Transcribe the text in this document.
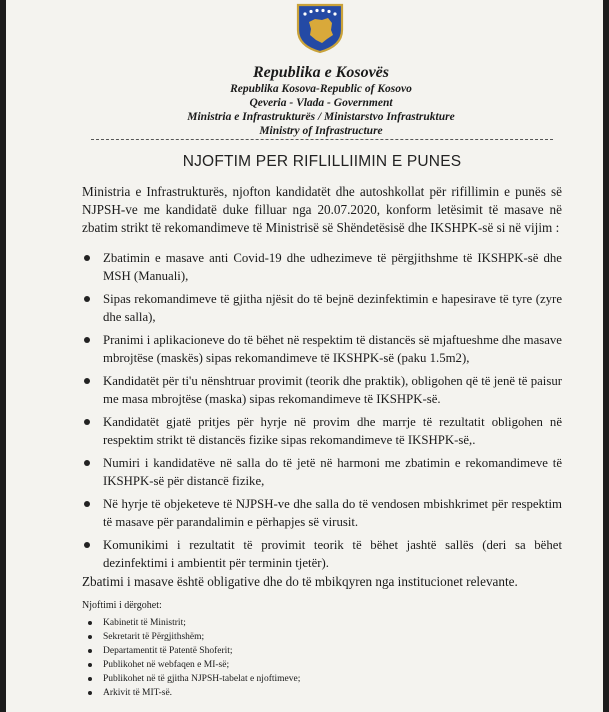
Republika e Kosovës
Republika Kosova-Republic of Kosovo
Qeveria - Vlada - Government
Ministria e Infrastrukturës / Ministarstvo Infrastrukture
Ministry of Infrastructure
NJOFTIM PER RIFLILLIIMIN E PUNES

Ministria e Infrastrukturës, njofton kandidatët dhe autoshkollat për rifillimin e punës së NJPSH-ve me kandidatë duke filluar nga 20.07.2020, konform letësimit të masave në zbatim strikt të rekomandimeve të Ministrisë së Shëndetësisë dhe IKSHPK-së si në vijim :

Zbatimin e masave anti Covid-19 dhe udhezimeve të përgjithshme të IKSHPK-së dhe MSH (Manuali),
Sipas rekomandimeve të gjitha njësit do të bejnë dezinfektimin e hapesirave të tyre (zyre dhe salla),
Pranimi i aplikacioneve do të bëhet në respektim të distancës së mjaftueshme dhe masave mbrojtëse (maskës) sipas rekomandimeve të IKSHPK-së (paku 1.5m2),
Kandidatët për ti'u nënshtruar provimit (teorik dhe praktik), obligohen që të jenë të paisur me masa mbrojtëse (maska) sipas rekomandimeve të IKSHPK-së.
Kandidatët gjatë pritjes për hyrje në provim dhe marrje të rezultatit obligohen në respektim strikt të distancës fizike sipas rekomandimeve të IKSHPK-së,.
Numiri i kandidatëve në salla do të jetë në harmoni me zbatimin e rekomandimeve të IKSHPK-së për distancë fizike,
Në hyrje të objeketeve të NJPSH-ve dhe salla do të vendosen mbishkrimet për respektim të masave për parandalimin e përhapjes së virusit.
Komunikimi i rezultatit të provimit teorik të bëhet jashtë sallës (deri sa bëhet dezinfektimi i ambientit për terminin tjetër).

Zbatimi i masave është obligative dhe do të mbikqyren nga institucionet relevante.

Njoftimi i dërgohet:

Kabinetit të Ministrit;
Sekretarit të Përgjithshëm;
Departamentit të Patentë Shoferit;
Publikohet në webfaqen e MI-së;
Publikohet në të gjitha NJPSH-tabelat e njoftimeve;
Arkivit të MIT-së.
